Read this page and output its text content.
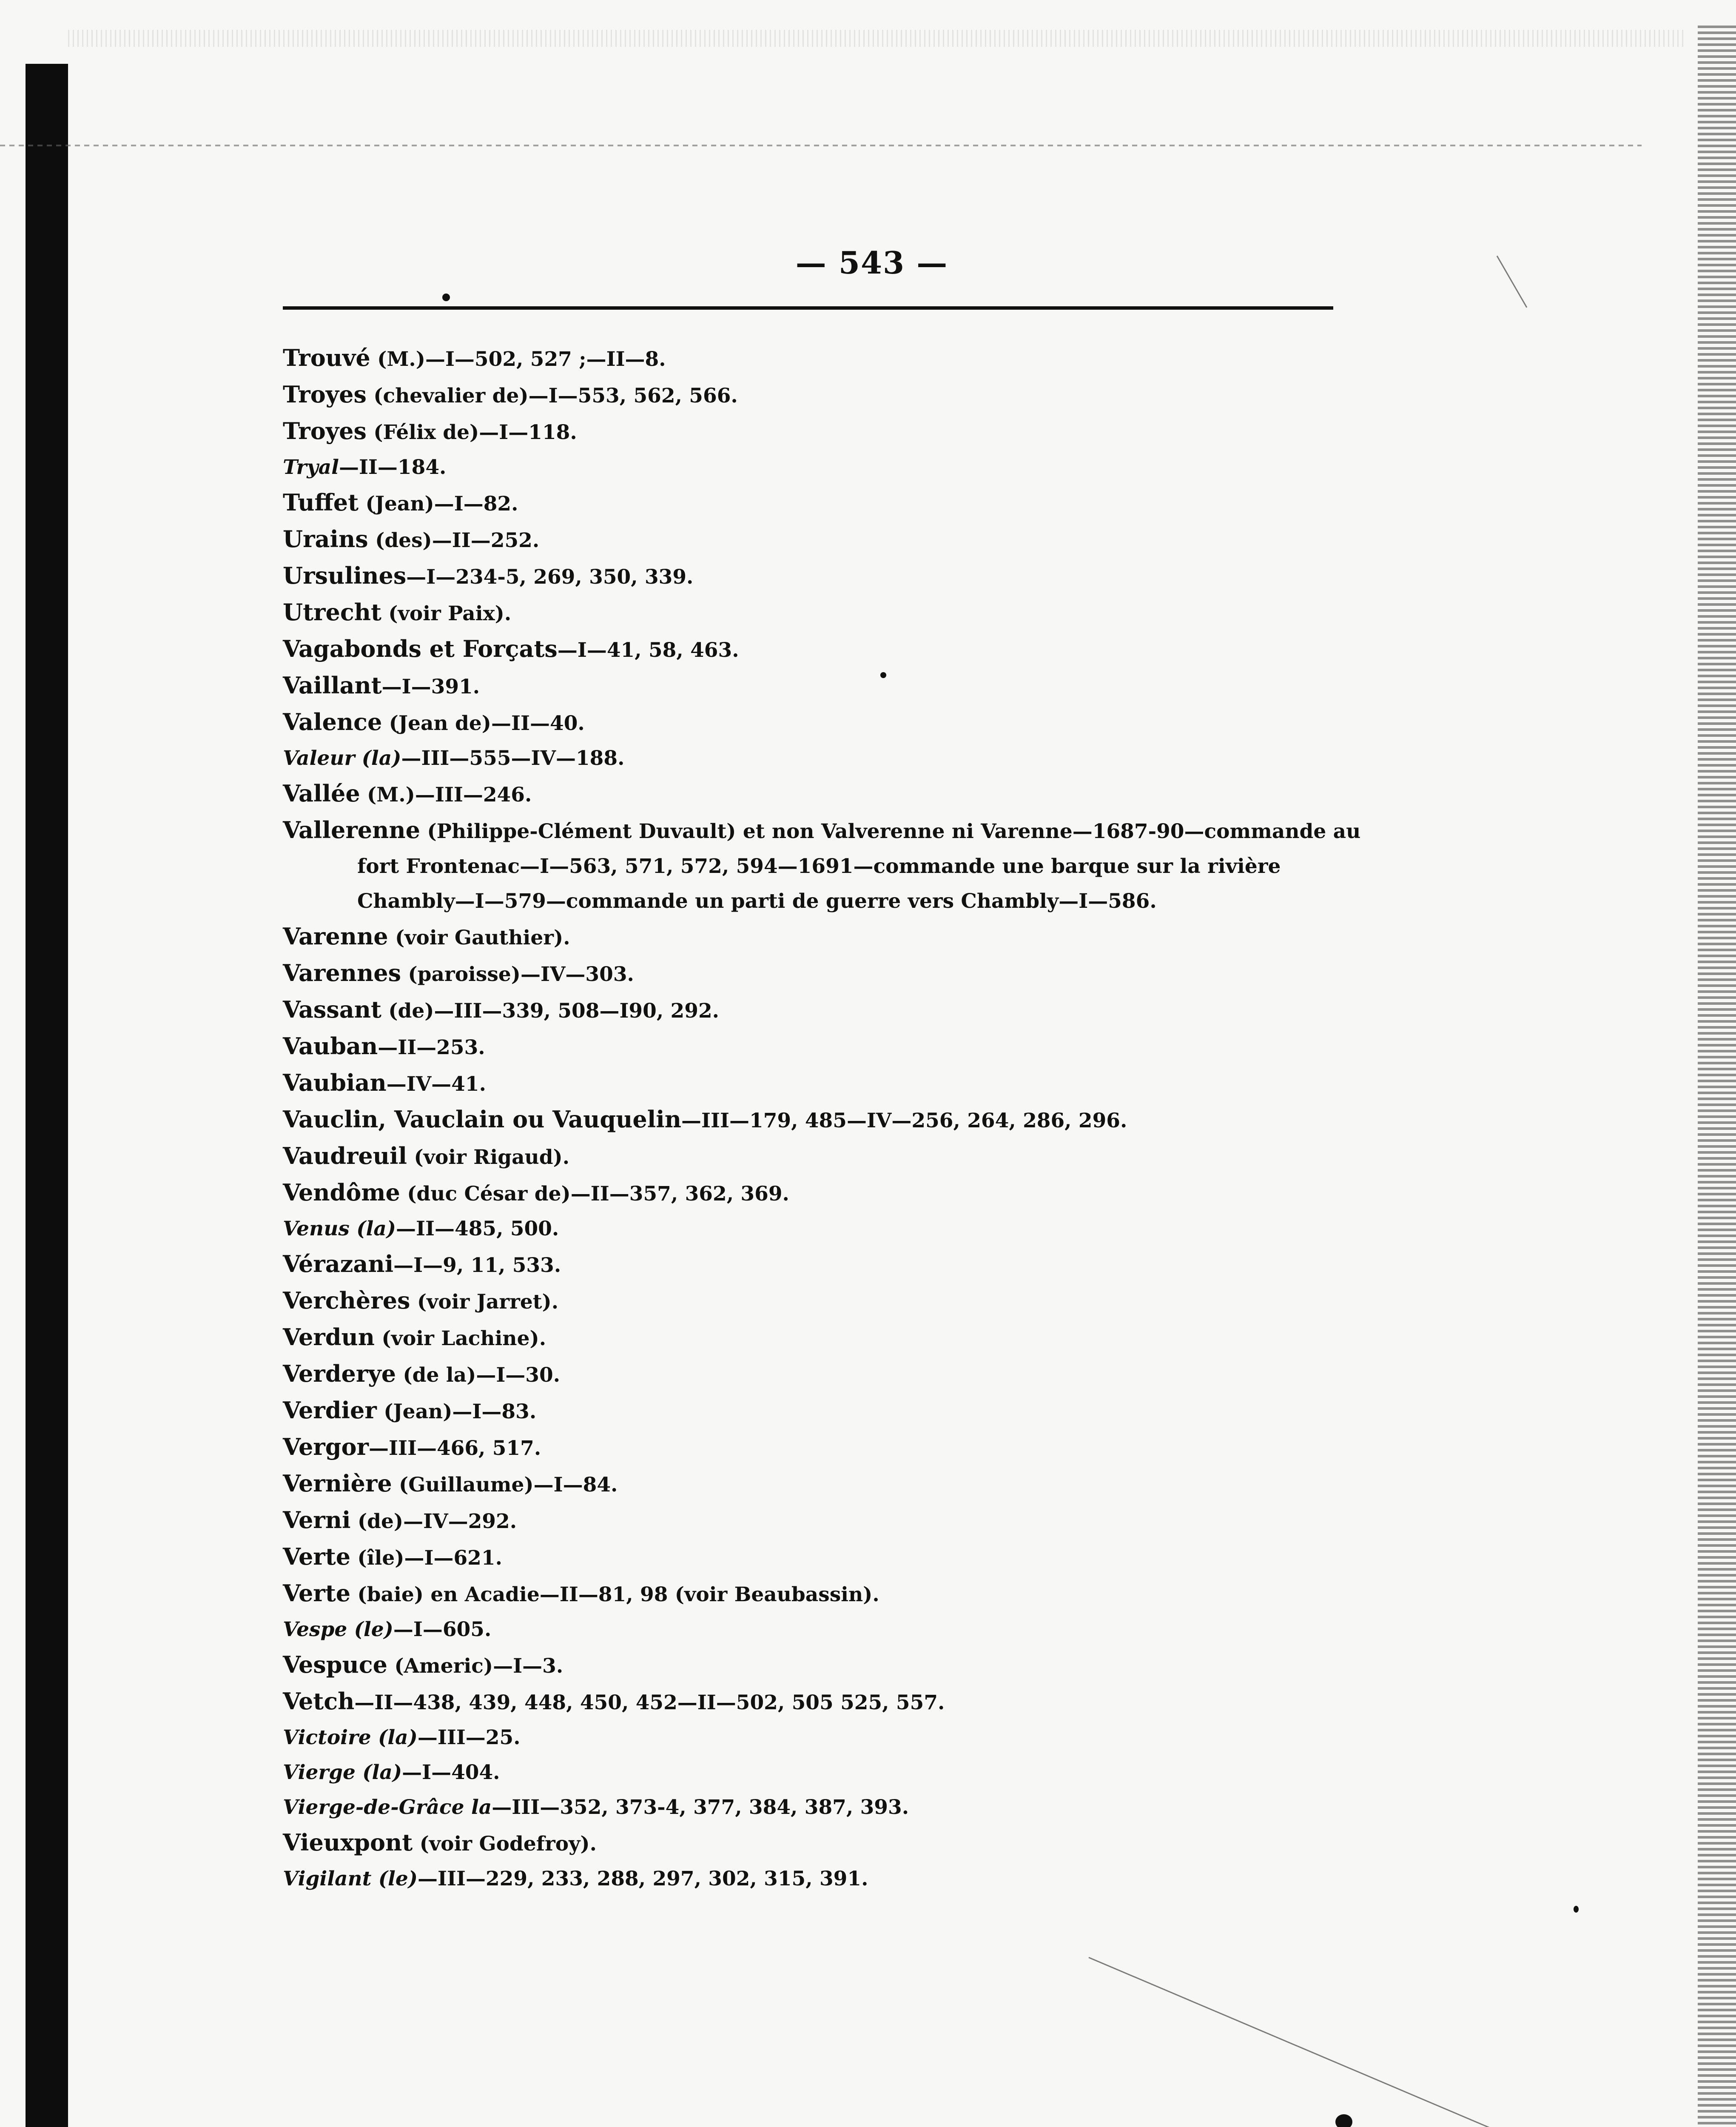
— 543 —
Trouvé (M.)—I—502, 527 ;—II—8.
Troyes (chevalier de)—I—553, 562, 566.
Troyes (Félix de)—I—118.
Tryal—II—184.
Tuffet (Jean)—I—82.
Urains (des)—II—252.
Ursulines—I—234-5, 269, 350, 339.
Utrecht (voir Paix).
Vagabonds et Forçats—I—41, 58, 463.
Vaillant—I—391.
Valence (Jean de)—II—40.
Valeur (la)—III—555—IV—188.
Vallée (M.)—III—246.
Vallerenne (Philippe-Clément Duvault) et non Valverenne ni Varenne—1687-90—commande au fort Frontenac—I—563, 571, 572, 594—1691—commande une barque sur la rivière Chambly—I—579—commande un parti de guerre vers Chambly—I—586.
Varenne (voir Gauthier).
Varennes (paroisse)—IV—303.
Vassant (de)—III—339, 508—I90, 292.
Vauban—II—253.
Vaubian—IV—41.
Vauclin, Vauclain ou Vauquelin—III—179, 485—IV—256, 264, 286, 296.
Vaudreuil (voir Rigaud).
Vendôme (duc César de)—II—357, 362, 369.
Venus (la)—II—485, 500.
Vérazani—I—9, 11, 533.
Verchères (voir Jarret).
Verdun (voir Lachine).
Verderye (de la)—I—30.
Verdier (Jean)—I—83.
Vergor—III—466, 517.
Vernière (Guillaume)—I—84.
Verni (de)—IV—292.
Verte (île)—I—621.
Verte (baie) en Acadie—II—81, 98 (voir Beaubassin).
Vespe (le)—I—605.
Vespuce (Americ)—I—3.
Vetch—II—438, 439, 448, 450, 452—II—502, 505 525, 557.
Victoire (la)—III—25.
Vierge (la)—I—404.
Vierge-de-Grâce la—III—352, 373-4, 377, 384, 387, 393.
Vieuxpont (voir Godefroy).
Vigilant (le)—III—229, 233, 288, 297, 302, 315, 391.
